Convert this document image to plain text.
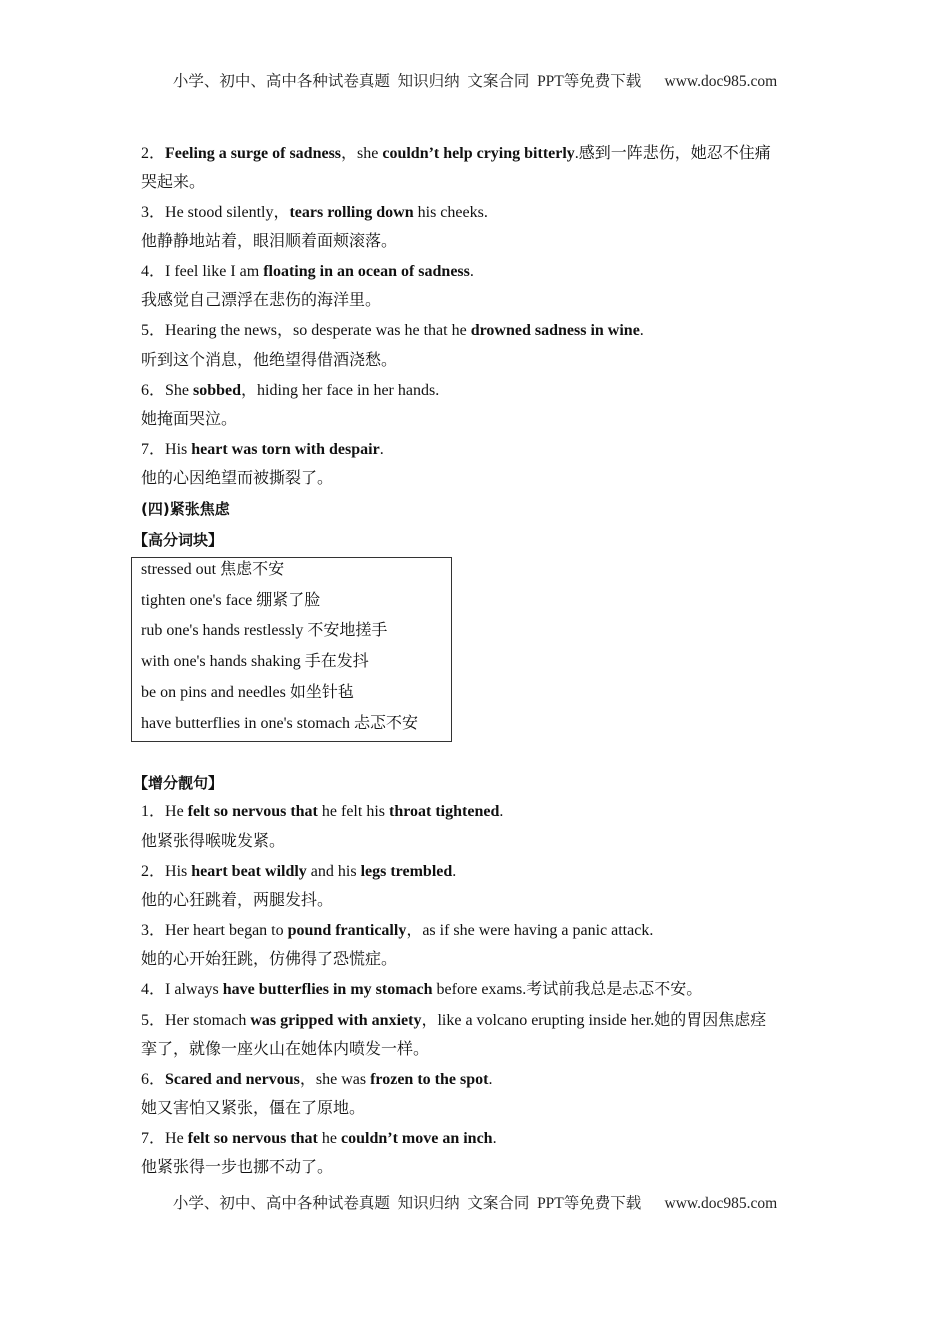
小学、初中、高中各种试卷真题  知识归纳  文案合同  PPT等免费下载      www.doc985.com
2．Feeling a surge of sadness，she couldn’t help crying bitterly.感到一阵悲伤，她忍不住痛
哭起来。
3．He stood silently，tears rolling down his cheeks.
他静静地站着，眼泪顺着面颊滚落。
4．I feel like I am floating in an ocean of sadness.
我感觉自己漂浮在悲伤的海洋里。
5．Hearing the news，so desperate was he that he drowned sadness in wine.
听到这个消息，他绝望得借酒浇愁。
6．She sobbed，hiding her face in her hands.
她掩面哭泣。
7．His heart was torn with despair.
他的心因绝望而被撕裂了。
(四)紧张焦虑
【高分词块】
stressed out 焦虑不安
tighten one's face 绷紧了脸
rub one's hands restlessly 不安地搓手
with one's hands shaking 手在发抖
be on pins and needles 如坐针毡
have butterflies in one's stomach 忐忑不安
【增分靓句】
1．He felt so nervous that he felt his throat tightened.
他紧张得喉咙发紧。
2．His heart beat wildly and his legs trembled.
他的心狂跳着，两腿发抖。
3．Her heart began to pound frantically，as if she were having a panic attack.
她的心开始狂跳，仿佛得了恐慌症。
4．I always have butterflies in my stomach before exams.考试前我总是忐忑不安。
5．Her stomach was gripped with anxiety，like a volcano erupting inside her.她的胃因焦虑痉
挛了，就像一座火山在她体内喷发一样。
6．Scared and nervous，she was frozen to the spot.
她又害怕又紧张，僵在了原地。
7．He felt so nervous that he couldn’t move an inch.
他紧张得一步也挪不动了。
小学、初中、高中各种试卷真题  知识归纳  文案合同  PPT等免费下载      www.doc985.com
